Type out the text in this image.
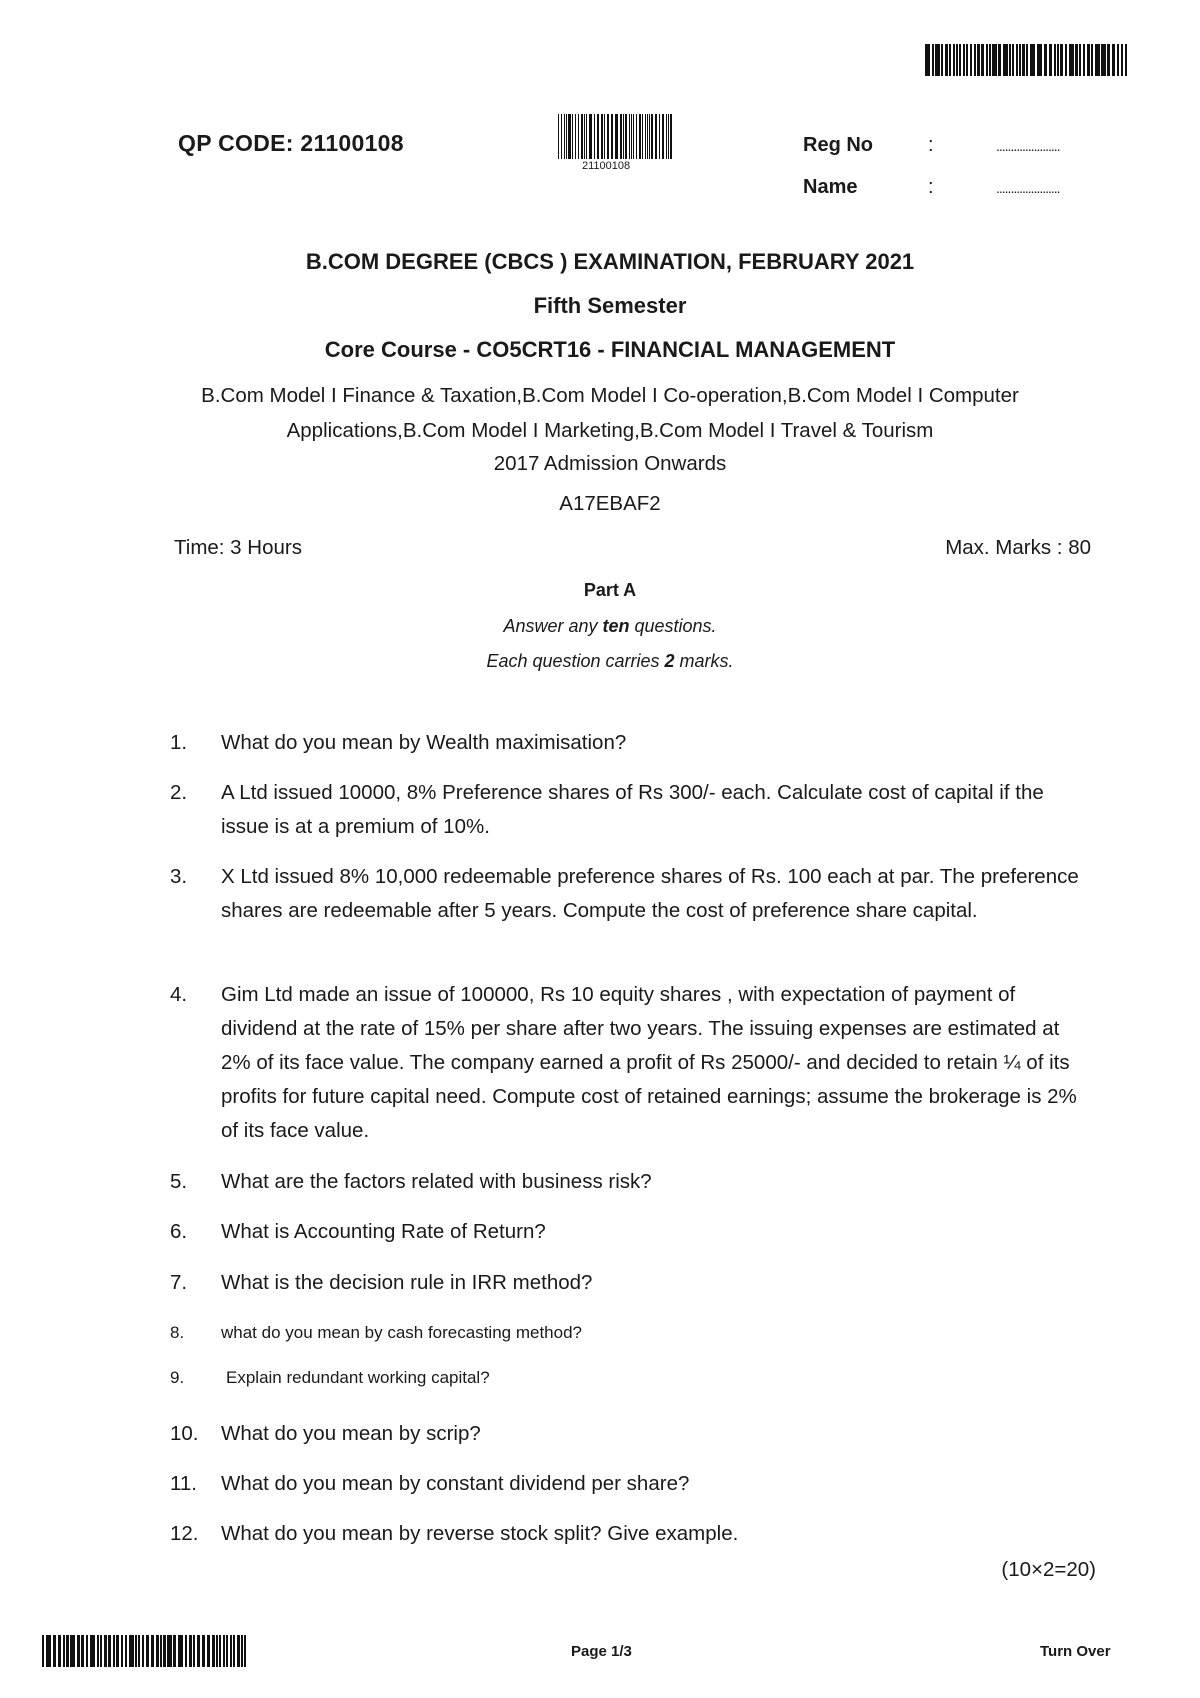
QP CODE: 21100108
21100108
Reg No	:	......................
Name	:	......................
B.COM DEGREE (CBCS ) EXAMINATION, FEBRUARY 2021
Fifth Semester
Core Course - CO5CRT16 - FINANCIAL MANAGEMENT
B.Com Model I Finance & Taxation,B.Com Model I Co-operation,B.Com Model I Computer Applications,B.Com Model I Marketing,B.Com Model I Travel & Tourism
2017 Admission Onwards
A17EBAF2
Time: 3 Hours	Max. Marks : 80
Part A
Answer any ten questions.
Each question carries 2 marks.
1.	What do you mean by Wealth maximisation?
2.	A Ltd issued 10000, 8% Preference shares of Rs 300/- each. Calculate cost of capital if the issue is at a premium of 10%.
3.	X Ltd issued 8% 10,000 redeemable preference shares of Rs. 100 each at par. The preference shares are redeemable after 5 years. Compute the cost of preference share capital.
4.	Gim Ltd made an issue of 100000, Rs 10 equity shares , with expectation of payment of dividend at the rate of 15% per share after two years. The issuing expenses are estimated at 2% of its face value. The company earned a profit of Rs 25000/- and decided to retain ¼ of its profits for future capital need. Compute cost of retained earnings; assume the brokerage is 2% of its face value.
5.	What are the factors related with business risk?
6.	What is Accounting Rate of Return?
7.	What is the decision rule in IRR method?
8.	what do you mean by cash forecasting method?
9.	Explain redundant working capital?
10.	What do you mean by scrip?
11.	What do you mean by constant dividend per share?
12.	What do you mean by reverse stock split? Give example.
(10×2=20)
Page 1/3	Turn Over
